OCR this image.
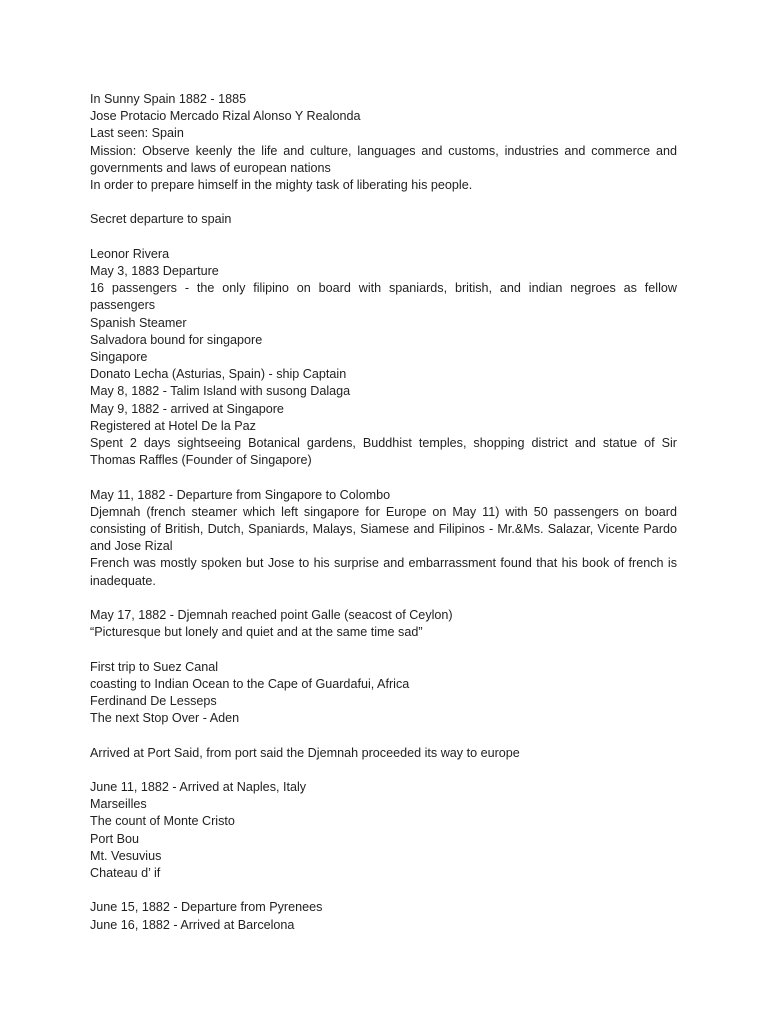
In Sunny Spain 1882 - 1885

Jose Protacio Mercado Rizal Alonso Y Realonda

Last seen: Spain

Mission: Observe keenly the life and culture, languages and customs, industries and commerce and governments and laws of european nations

In order to prepare himself in the mighty task of liberating his people.

Secret departure to spain

Leonor Rivera

May 3, 1883 Departure

16 passengers - the only filipino on board with spaniards, british, and indian negroes as fellow passengers

Spanish Steamer

Salvadora bound for singapore

Singapore

Donato Lecha (Asturias, Spain) - ship Captain

May 8, 1882 - Talim Island with susong Dalaga

May 9, 1882 - arrived at Singapore

Registered at Hotel De la Paz

Spent 2 days sightseeing Botanical gardens, Buddhist temples, shopping district and statue of Sir Thomas Raffles (Founder of Singapore)

May 11, 1882 - Departure from Singapore to Colombo

Djemnah (french steamer which left singapore for Europe on May 11) with 50 passengers on board consisting of British, Dutch, Spaniards, Malays, Siamese and Filipinos - Mr.&Ms. Salazar, Vicente Pardo and Jose Rizal

French was mostly spoken but Jose to his surprise and embarrassment found that his book of french is inadequate.

May 17, 1882 - Djemnah reached point Galle (seacost of Ceylon)

“Picturesque but lonely and quiet and at the same time sad”

First trip to Suez Canal

coasting to Indian Ocean to the Cape of Guardafui, Africa

Ferdinand De Lesseps

The next Stop Over - Aden

Arrived at Port Said, from port said the Djemnah proceeded its way to europe

June 11, 1882 - Arrived at Naples, Italy

Marseilles

The count of Monte Cristo

Port Bou

Mt. Vesuvius

Chateau d’ if

June 15, 1882 - Departure from Pyrenees

June 16, 1882 - Arrived at Barcelona
